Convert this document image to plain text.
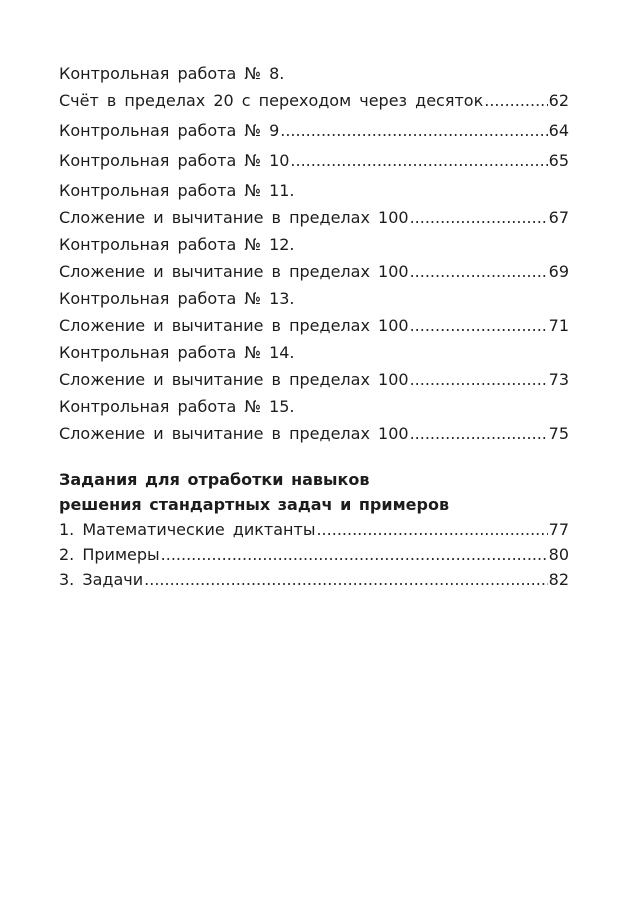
Контрольная работа № 8.
Счёт в пределах 20 с переходом через десяток .....	62
Контрольная работа № 9 .....	64
Контрольная работа № 10 .....	65
Контрольная работа № 11.
Сложение и вычитание в пределах 100 .....	67
Контрольная работа № 12.
Сложение и вычитание в пределах 100 .....	69
Контрольная работа № 13.
Сложение и вычитание в пределах 100 .....	71
Контрольная работа № 14.
Сложение и вычитание в пределах 100 .....	73
Контрольная работа № 15.
Сложение и вычитание в пределах 100 .....	75
Задания для отработки навыков
решения стандартных задач и примеров
1. Математические диктанты .....	77
2. Примеры .....	80
3. Задачи .....	82
